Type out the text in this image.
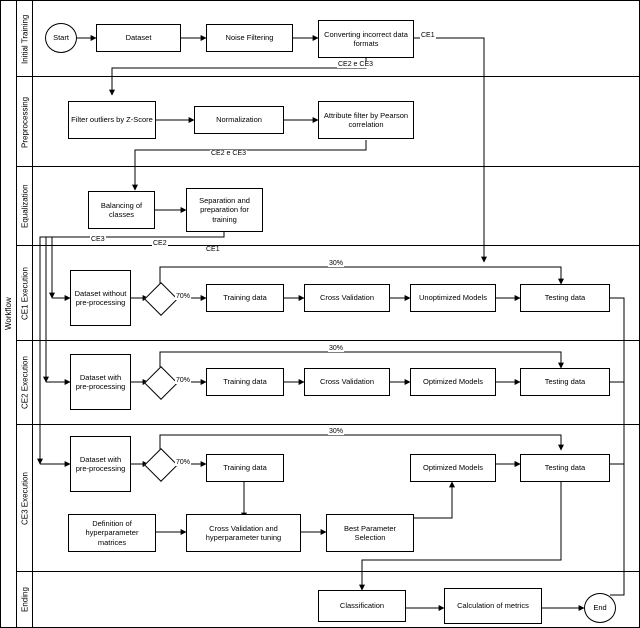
Workflow
Initial Training
Preprocessing
Equalization
CE1 Execution
CE2 Execution
CE3 Execution
Ending
Start	Dataset	Noise Filtering	Converting incorrect data formats
Filter outliers by Z-Score	Normalization
Attribute filter by Pearson correlation
Balancing of classes
Separation and preparation for training
Dataset without pre-processing
Training data	Cross Validation	Unoptimized Models	Testing data
Dataset with pre-processing
Training data	Cross Validation	Optimized Models	Testing data
Dataset with pre-processing	Training data	Optimized Models	Testing data
Definition of hyperparameter matrices
Cross Validation and hyperparameter tuning
Best Parameter Selection
Classification	Calculation of metrics	End
CE1
CE2 e CE3
CE2 e CE3
CE3
CE2
CE1
70%
30%
70%
30%
70%
30%
